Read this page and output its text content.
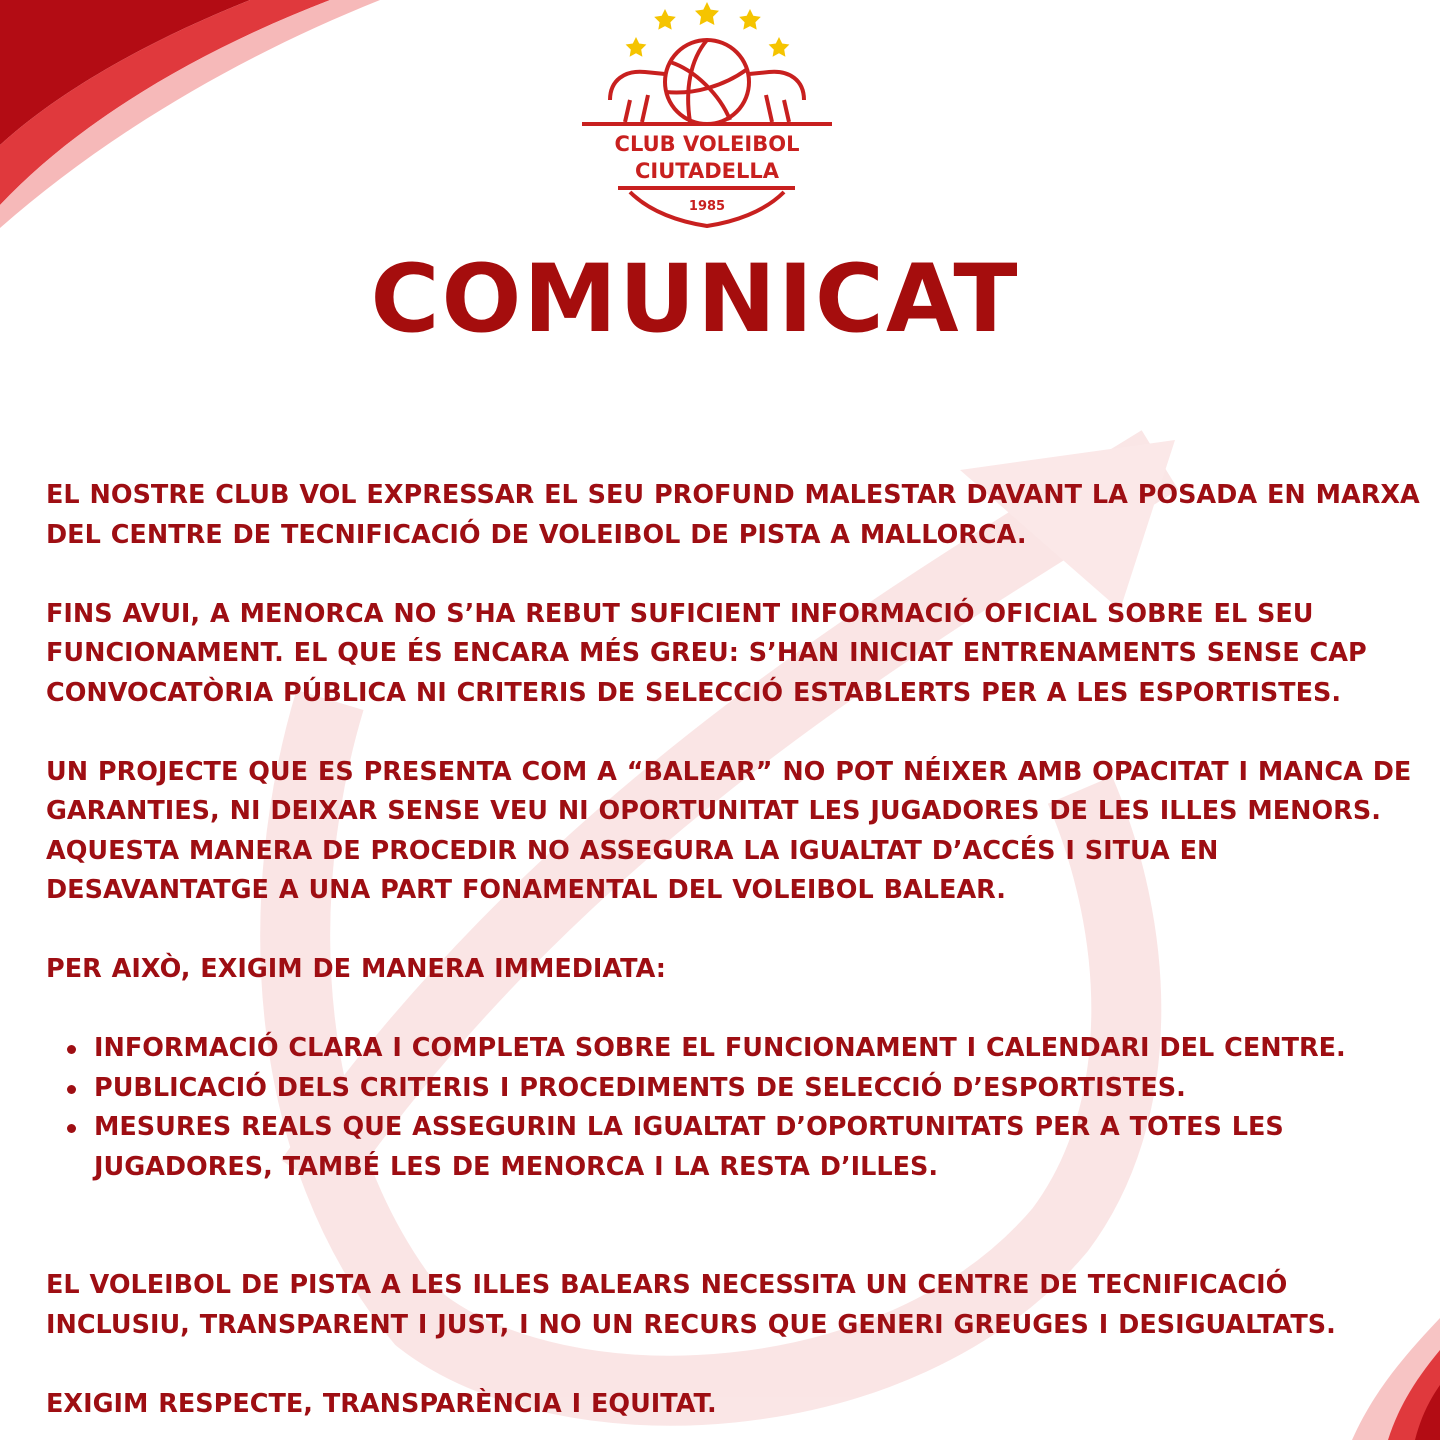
CLUB VOLEIBOL
CIUTADELLA
1985
COMUNICAT

EL NOSTRE CLUB VOL EXPRESSAR EL SEU PROFUND MALESTAR DAVANT LA POSADA EN MARXA DEL CENTRE DE TECNIFICACIÓ DE VOLEIBOL DE PISTA A MALLORCA.

FINS AVUI, A MENORCA NO S’HA REBUT SUFICIENT INFORMACIÓ OFICIAL SOBRE EL SEU FUNCIONAMENT. EL QUE ÉS ENCARA MÉS GREU: S’HAN INICIAT ENTRENAMENTS SENSE CAP CONVOCATÒRIA PÚBLICA NI CRITERIS DE SELECCIÓ ESTABLERTS PER A LES ESPORTISTES.

UN PROJECTE QUE ES PRESENTA COM A “BALEAR” NO POT NÉIXER AMB OPACITAT I MANCA DE GARANTIES, NI DEIXAR SENSE VEU NI OPORTUNITAT LES JUGADORES DE LES ILLES MENORS. AQUESTA MANERA DE PROCEDIR NO ASSEGURA LA IGUALTAT D’ACCÉS I SITUA EN DESAVANTATGE A UNA PART FONAMENTAL DEL VOLEIBOL BALEAR.

PER AIXÒ, EXIGIM DE MANERA IMMEDIATA:

INFORMACIÓ CLARA I COMPLETA SOBRE EL FUNCIONAMENT I CALENDARI DEL CENTRE.
PUBLICACIÓ DELS CRITERIS I PROCEDIMENTS DE SELECCIÓ D’ESPORTISTES.
MESURES REALS QUE ASSEGURIN LA IGUALTAT D’OPORTUNITATS PER A TOTES LES JUGADORES, TAMBÉ LES DE MENORCA I LA RESTA D’ILLES.

EL VOLEIBOL DE PISTA A LES ILLES BALEARS NECESSITA UN CENTRE DE TECNIFICACIÓ INCLUSIU, TRANSPARENT I JUST, I NO UN RECURS QUE GENERI GREUGES I DESIGUALTATS.

EXIGIM RESPECTE, TRANSPARÈNCIA I EQUITAT.
